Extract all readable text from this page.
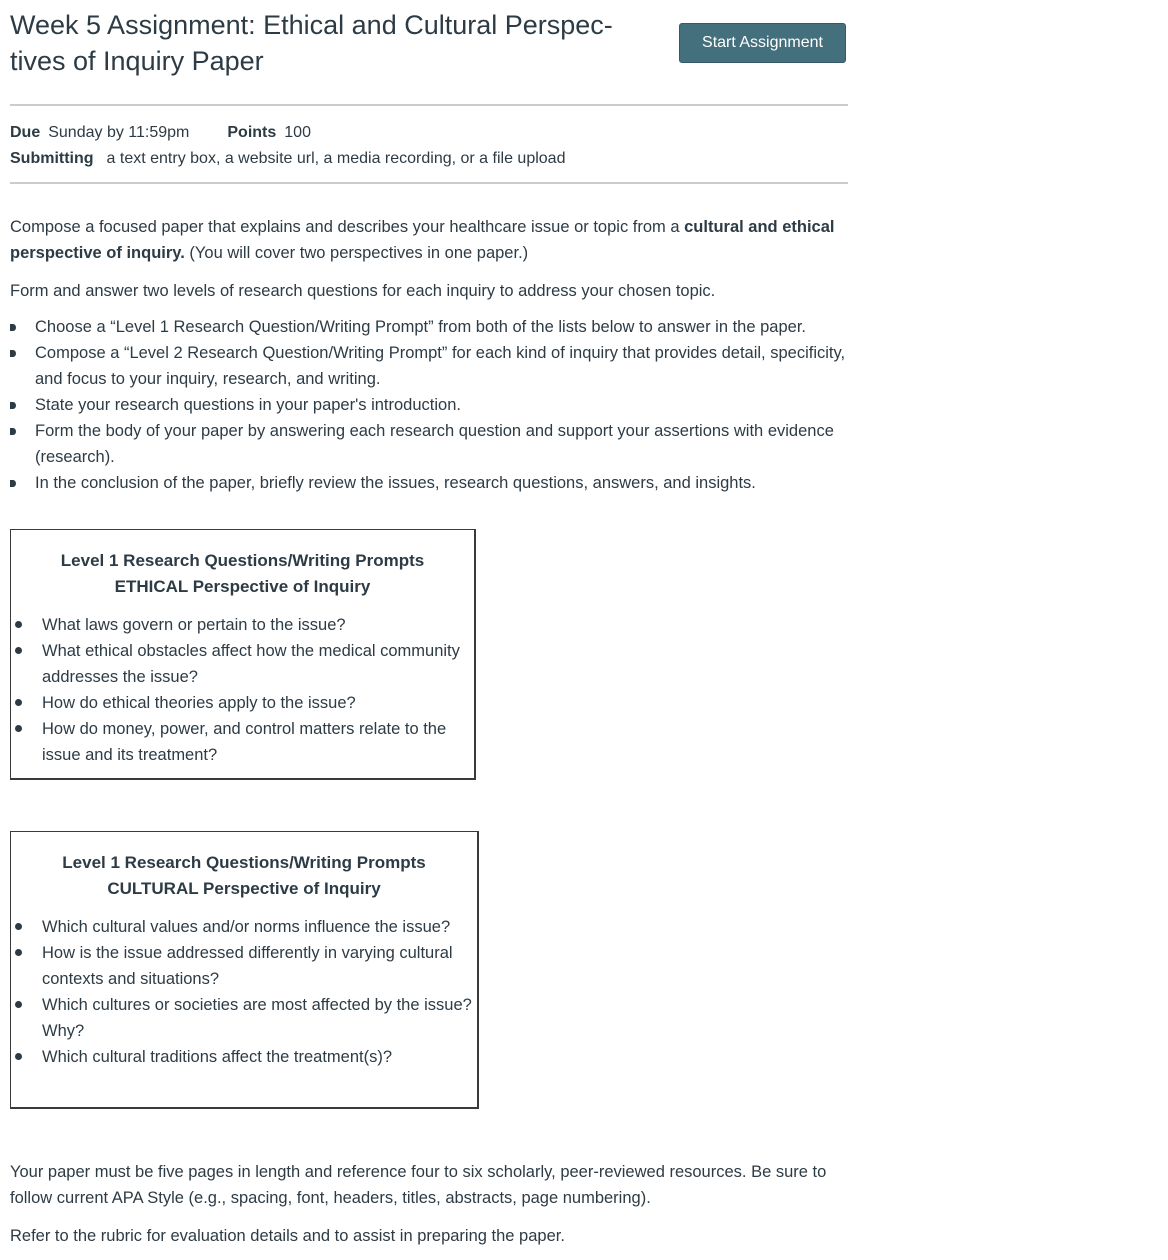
Week 5 Assignment: Ethical and Cultural Perspec-
tives of Inquiry Paper
Start Assignment
Due Sunday by 11:59pm Points 100
Submitting a text entry box, a website url, a media recording, or a file upload

Compose a focused paper that explains and describes your healthcare issue or topic from a cultural and ethical perspective of inquiry. (You will cover two perspectives in one paper.)

Form and answer two levels of research questions for each inquiry to address your chosen topic.

Choose a “Level 1 Research Question/Writing Prompt” from both of the lists below to answer in the paper.
Compose a “Level 2 Research Question/Writing Prompt” for each kind of inquiry that provides detail, specificity, and focus to your inquiry, research, and writing.
State your research questions in your paper's introduction.
Form the body of your paper by answering each research question and support your assertions with evidence (research).
In the conclusion of the paper, briefly review the issues, research questions, answers, and insights.
Level 1 Research Questions/Writing Prompts
ETHICAL Perspective of Inquiry
What laws govern or pertain to the issue?
What ethical obstacles affect how the medical community addresses the issue?
How do ethical theories apply to the issue?
How do money, power, and control matters relate to the issue and its treatment?
Level 1 Research Questions/Writing Prompts
CULTURAL Perspective of Inquiry
Which cultural values and/or norms influence the issue?
How is the issue addressed differently in varying cultural contexts and situations?
Which cultures or societies are most affected by the issue? Why?
Which cultural traditions affect the treatment(s)?

Your paper must be five pages in length and reference four to six scholarly, peer-reviewed resources. Be sure to follow current APA Style (e.g., spacing, font, headers, titles, abstracts, page numbering).

Refer to the rubric for evaluation details and to assist in preparing the paper.
